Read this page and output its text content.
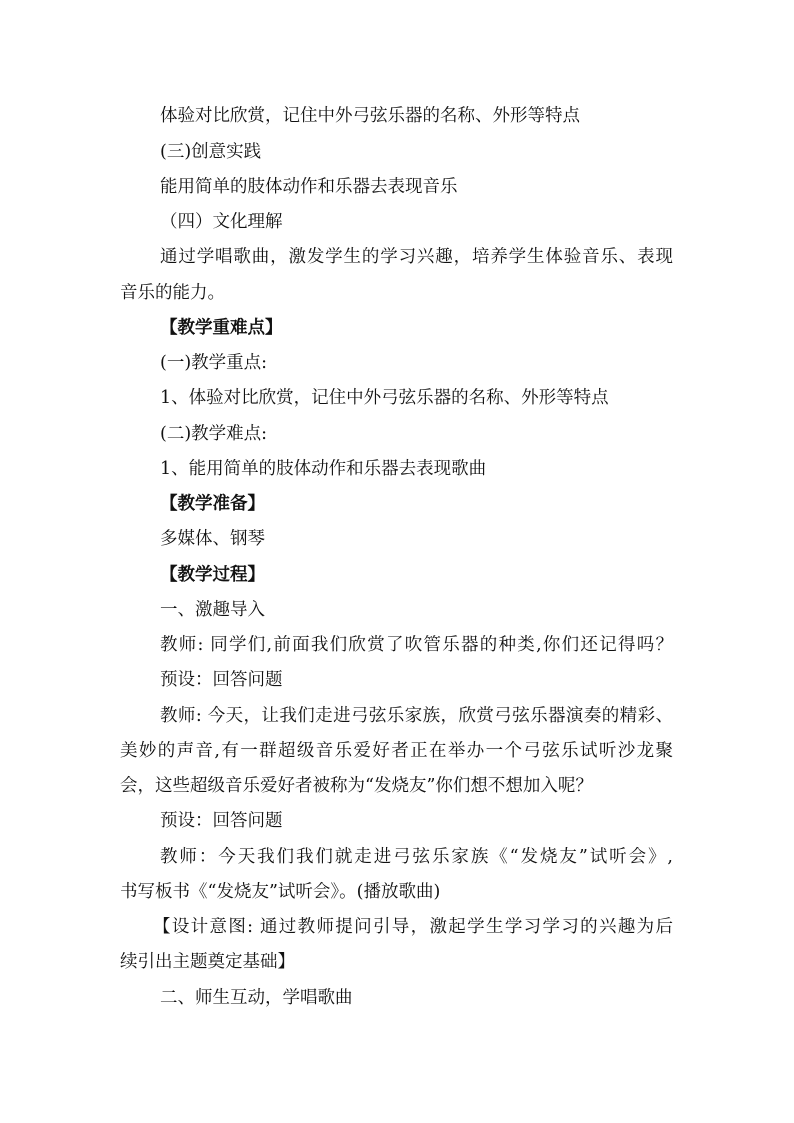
体验对比欣赏，记住中外弓弦乐器的名称、外形等特点
(三)创意实践
能用简单的肢体动作和乐器去表现音乐
（四）文化理解
通过学唱歌曲，激发学生的学习兴趣，培养学生体验音乐、表现
音乐的能力。
【教学重难点】
(一)教学重点:
1、体验对比欣赏，记住中外弓弦乐器的名称、外形等特点
(二)教学难点:
1、能用简单的肢体动作和乐器去表现歌曲
【教学准备】
多媒体、钢琴
【教学过程】
一、激趣导入
教师: 同学们,前面我们欣赏了吹管乐器的种类,你们还记得吗？
预设：回答问题
教师: 今天，让我们走进弓弦乐家族，欣赏弓弦乐器演奏的精彩、
美妙的声音,有一群超级音乐爱好者正在举办一个弓弦乐试听沙龙聚
会，这些超级音乐爱好者被称为“发烧友”你们想不想加入呢？
预设：回答问题
教师：今天我们我们就走进弓弦乐家族《“发烧友”试听会》,
书写板书《“发烧友”试听会》。(播放歌曲)
【设计意图: 通过教师提问引导，激起学生学习学习的兴趣为后
续引出主题奠定基础】
二、师生互动，学唱歌曲
